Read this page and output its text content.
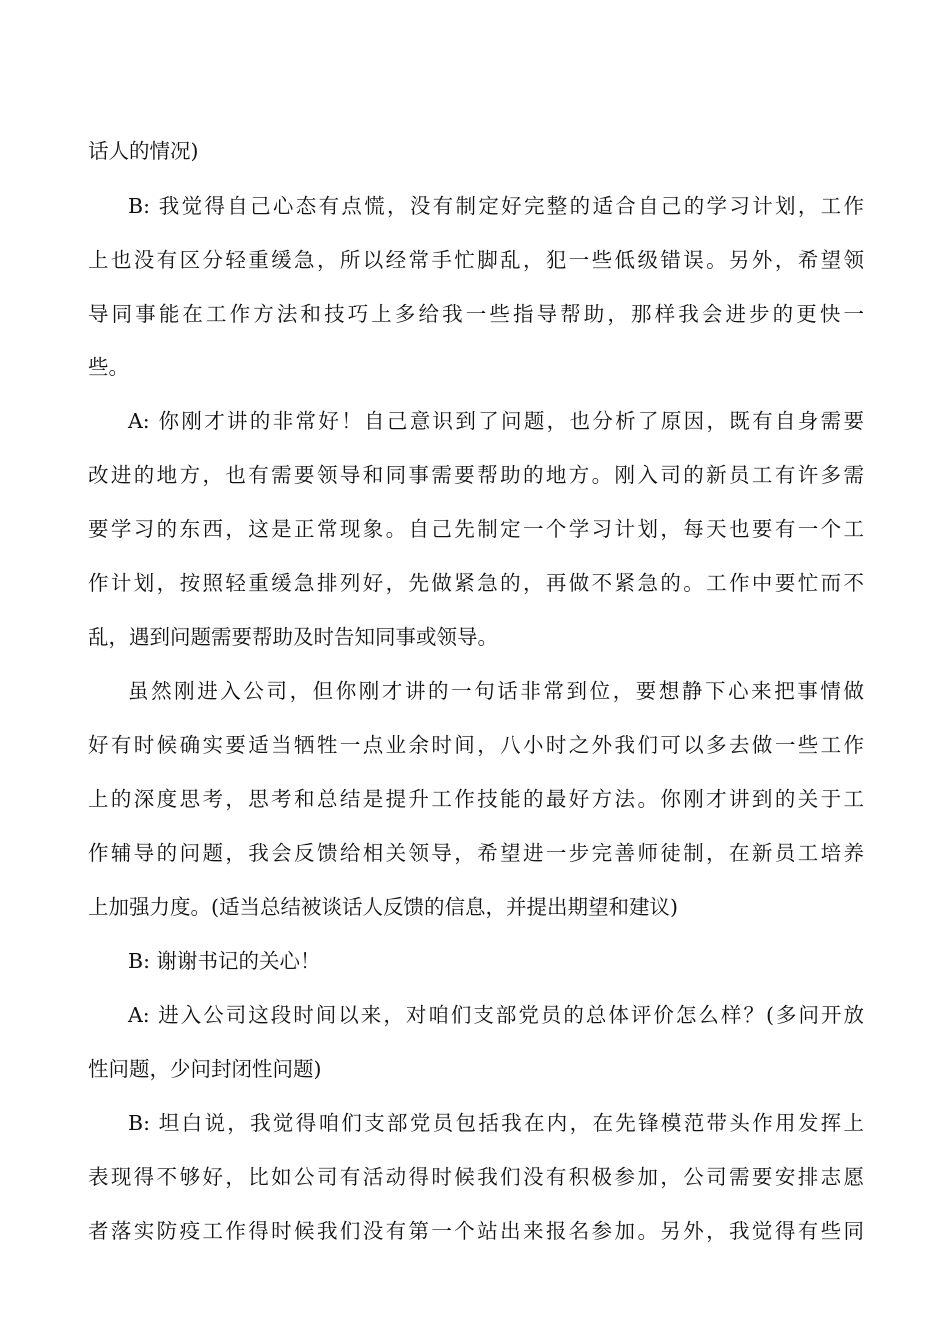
话人的情况)
B: 我觉得自己心态有点慌，没有制定好完整的适合自己的学习计划，工作
上也没有区分轻重缓急，所以经常手忙脚乱，犯一些低级错误。另外，希望领
导同事能在工作方法和技巧上多给我一些指导帮助，那样我会进步的更快一
些。
A: 你刚才讲的非常好！自己意识到了问题，也分析了原因，既有自身需要
改进的地方，也有需要领导和同事需要帮助的地方。刚入司的新员工有许多需
要学习的东西，这是正常现象。自己先制定一个学习计划，每天也要有一个工
作计划，按照轻重缓急排列好，先做紧急的，再做不紧急的。工作中要忙而不
乱，遇到问题需要帮助及时告知同事或领导。
虽然刚进入公司，但你刚才讲的一句话非常到位，要想静下心来把事情做
好有时候确实要适当牺牲一点业余时间，八小时之外我们可以多去做一些工作
上的深度思考，思考和总结是提升工作技能的最好方法。你刚才讲到的关于工
作辅导的问题，我会反馈给相关领导，希望进一步完善师徒制，在新员工培养
上加强力度。(适当总结被谈话人反馈的信息，并提出期望和建议)
B: 谢谢书记的关心！
A: 进入公司这段时间以来，对咱们支部党员的总体评价怎么样？(多问开放
性问题，少问封闭性问题)
B: 坦白说，我觉得咱们支部党员包括我在内，在先锋模范带头作用发挥上
表现得不够好，比如公司有活动得时候我们没有积极参加，公司需要安排志愿
者落实防疫工作得时候我们没有第一个站出来报名参加。另外，我觉得有些同
